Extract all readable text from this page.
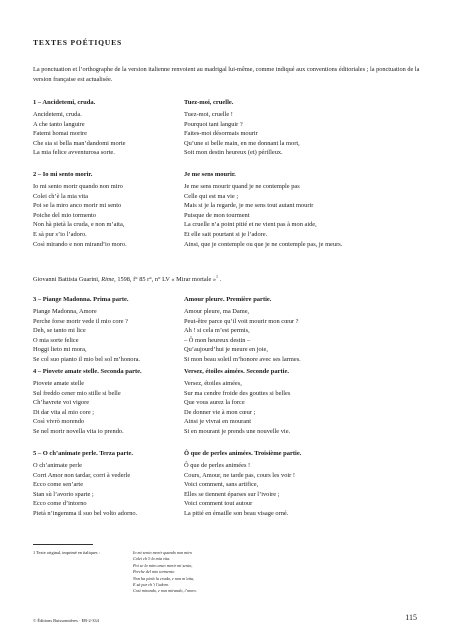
TEXTES POÉTIQUES
La ponctuation et l’orthographe de la version italienne renvoient au madrigal lui-même, comme indiqué aux conventions éditoriales ; la ponctuation de la version française est actualisée.
1 – Ancidetemi, cruda.
Ancidetemi, cruda.
A che tanto languire
Fatemi homai morire
Che sia si bella man’dandomi morte
La mia felice avventurosa sorte.
Tuez-moi, cruelle.
Tuez-moi, cruelle !
Pourquoi tant languir ?
Faites-moi désormais mourir
Qu’une si belle main, en me donnant la mort,
Soit mon destin heureux (et) périlleux.
2 – Io mi sento morir.
Io mi sento morir quando non miro
Colei ch’è la mia vita
Poi se la miro anco morir mi sento
Poiche del mio tormento
Non hà pietà la cruda, e non m’aita,
E sà pur s’io l’adoro.
Così mirando e non mirand’io moro.
Je me sens mourir.
Je me sens mourir quand je ne contemple pas
Celle qui est ma vie ;
Mais si je la regarde, je me sens tout autant mourir
Puisque de mon tourment
La cruelle n’a point pitié et ne vient pas à mon aide,
Et elle sait pourtant si je l’adore.
Ainsi, que je contemple ou que je ne contemple pas, je meurs.
Giovanni Battista Guarini, Rime, 1598, f° 85 r°, n° LV « Mirar mortale »$^1$ .
3 – Piange Madonna. Prima parte.
Piange Madonna, Amore
Perche forse morir vede il mio core ?
Deh, se tanto mi lice
O mia sorte felice
Hoggi lieto mi mora,
Se col suo pianto il mio bel sol m’honora.
Amour pleure. Première partie.
Amour pleure, ma Dame,
Peut-être parce qu’il voit mourir mon cœur ?
Ah ! si cela m’est permis,
– Ô mon heureux destin –
Qu’aujourd’hui je meure en joie,
Si mon beau soleil m’honore avec ses larmes.
4 – Piovete amate stelle. Seconda parte.
Piovete amate stelle
Sul freddo cener mio stille si belle
Ch’havrete voi vigore
Di dar vita al mio core ;
Così vivrò morendo
Se nel morir novella vita io prendo.
Versez, étoiles aimées. Seconde partie.
Versez, étoiles aimées,
Sur ma cendre froide des gouttes si belles
Que vous aurez la force
De donner vie à mon cœur ;
Ainsi je vivrai en mourant
Si en mourant je prends une nouvelle vie.
5 – O ch’animate perle. Terza parte.
O ch’animate perle
Corri Amor non tardar, corri à vederle
Ecco come sen’arte
Stan sù l’avorio sparte ;
Ecco come d’intorno
Pietà n’ingemma il suo bel volto adorno.
Ô que de perles animées. Troisième partie.
Ô que de perles animées !
Cours, Amour, ne tarde pas, cours les voir !
Voici comment, sans artifice,
Elles se tiennent éparses sur l’ivoire ;
Voici comment tout autour
La pitié en émaille son beau visage orné.
1 Texte original, imprimé en italiques :	Io mi sento morir quando non miro
Colei ch’è la mia vita.
Poi se la miro anco morir mi sento,
Perche del mio tormento
Non ha pietà la cruda, e non m’aita,
E sà pur ch’i l’adoro.
Così mirando, e non mirando, i’moro.
© Éditions Buissonnières · EB-2-334	115
